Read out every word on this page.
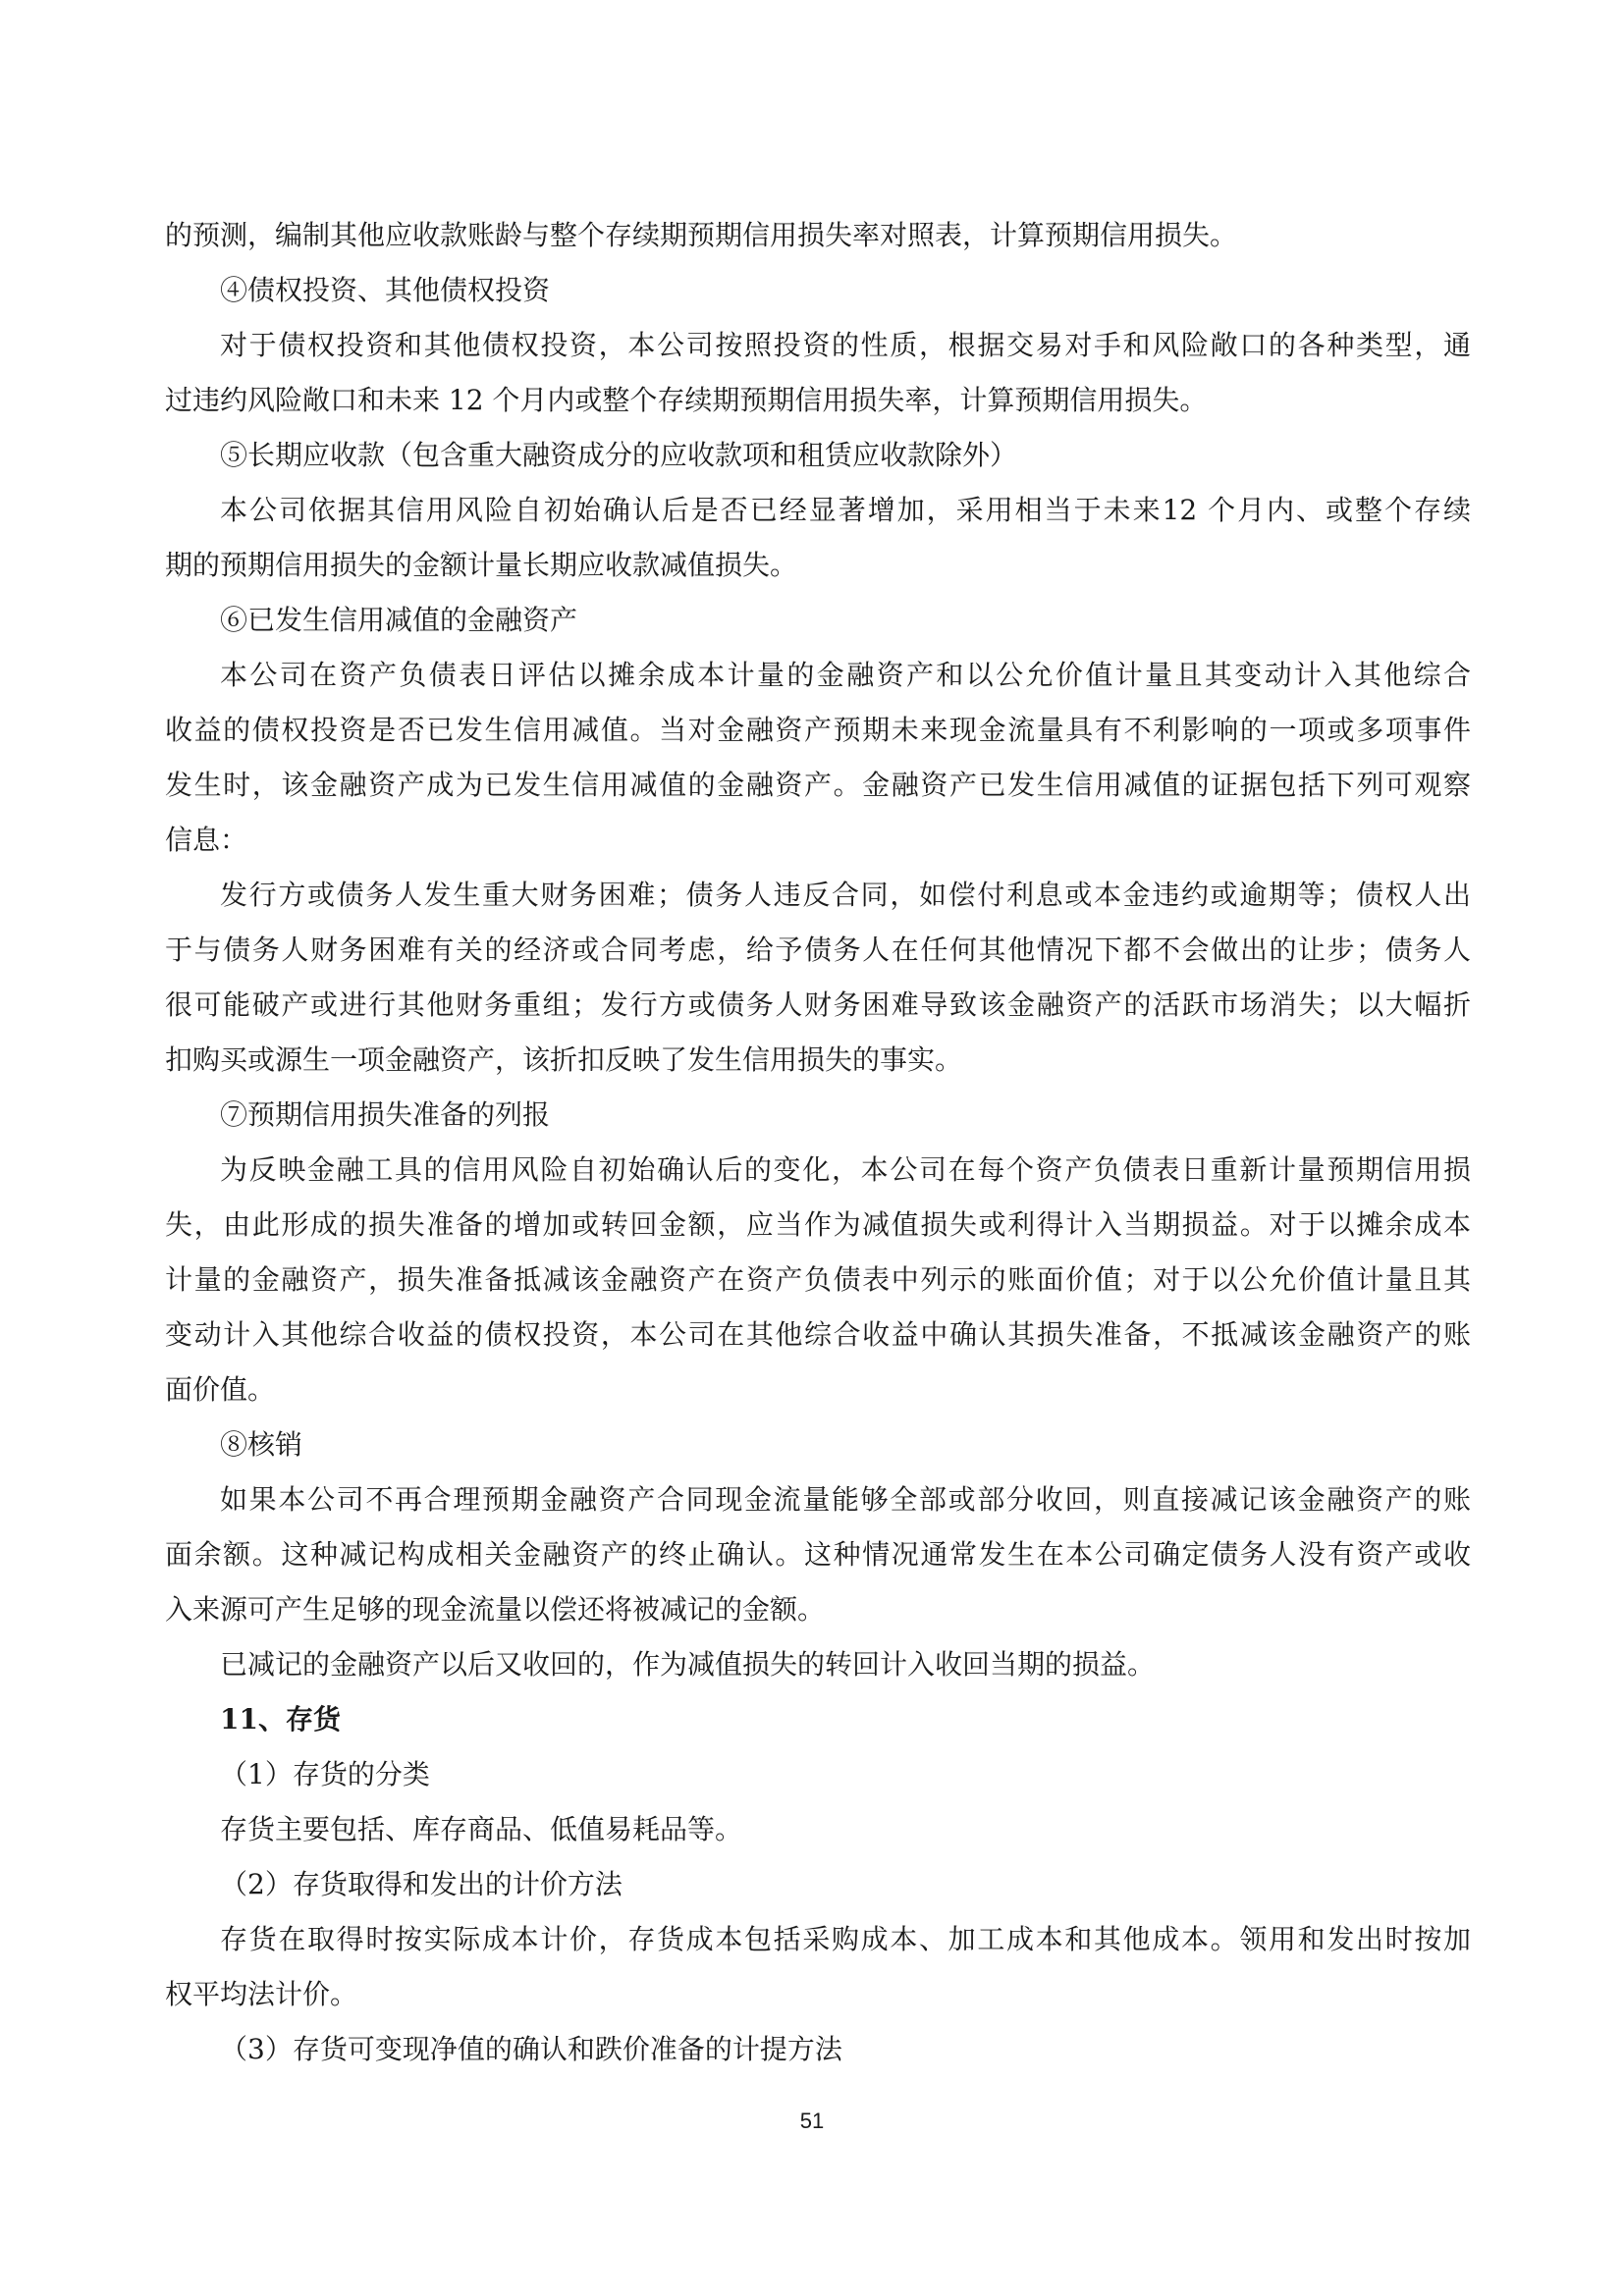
的预测，编制其他应收款账龄与整个存续期预期信用损失率对照表，计算预期信用损失。
④债权投资、其他债权投资
对于债权投资和其他债权投资，本公司按照投资的性质，根据交易对手和风险敞口的各种类型，通
过违约风险敞口和未来 12 个月内或整个存续期预期信用损失率，计算预期信用损失。
⑤长期应收款（包含重大融资成分的应收款项和租赁应收款除外）
本公司依据其信用风险自初始确认后是否已经显著增加，采用相当于未来12 个月内、或整个存续
期的预期信用损失的金额计量长期应收款减值损失。
⑥已发生信用减值的金融资产
本公司在资产负债表日评估以摊余成本计量的金融资产和以公允价值计量且其变动计入其他综合
收益的债权投资是否已发生信用减值。当对金融资产预期未来现金流量具有不利影响的一项或多项事件
发生时，该金融资产成为已发生信用减值的金融资产。金融资产已发生信用减值的证据包括下列可观察
信息：
发行方或债务人发生重大财务困难；债务人违反合同，如偿付利息或本金违约或逾期等；债权人出
于与债务人财务困难有关的经济或合同考虑，给予债务人在任何其他情况下都不会做出的让步；债务人
很可能破产或进行其他财务重组；发行方或债务人财务困难导致该金融资产的活跃市场消失；以大幅折
扣购买或源生一项金融资产，该折扣反映了发生信用损失的事实。
⑦预期信用损失准备的列报
为反映金融工具的信用风险自初始确认后的变化，本公司在每个资产负债表日重新计量预期信用损
失，由此形成的损失准备的增加或转回金额，应当作为减值损失或利得计入当期损益。对于以摊余成本
计量的金融资产，损失准备抵减该金融资产在资产负债表中列示的账面价值；对于以公允价值计量且其
变动计入其他综合收益的债权投资，本公司在其他综合收益中确认其损失准备，不抵减该金融资产的账
面价值。
⑧核销
如果本公司不再合理预期金融资产合同现金流量能够全部或部分收回，则直接减记该金融资产的账
面余额。这种减记构成相关金融资产的终止确认。这种情况通常发生在本公司确定债务人没有资产或收
入来源可产生足够的现金流量以偿还将被减记的金额。
已减记的金融资产以后又收回的，作为减值损失的转回计入收回当期的损益。
11、存货
（1）存货的分类
存货主要包括、库存商品、低值易耗品等。
（2）存货取得和发出的计价方法
存货在取得时按实际成本计价，存货成本包括采购成本、加工成本和其他成本。领用和发出时按加
权平均法计价。
（3）存货可变现净值的确认和跌价准备的计提方法
51
